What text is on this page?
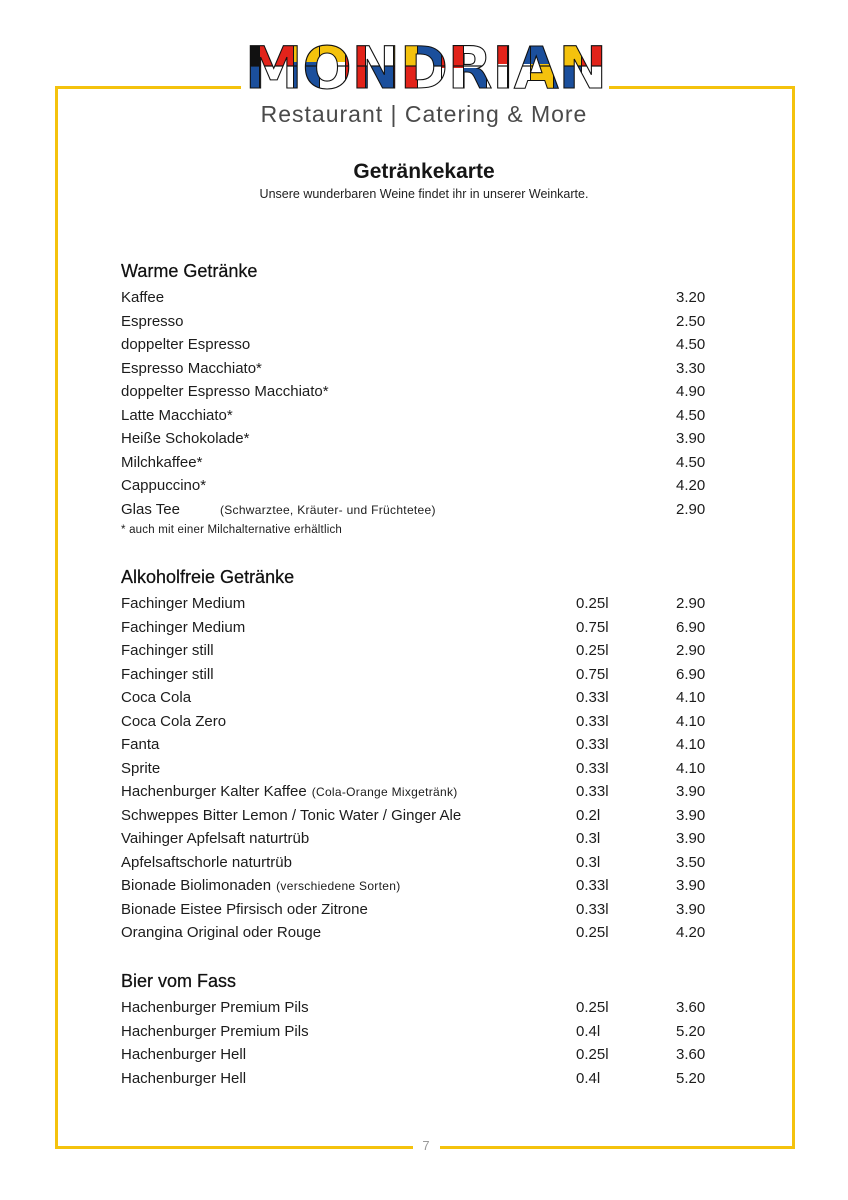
MONDRIAN
Restaurant | Catering & More
Getränkekarte
Unsere wunderbaren Weine findet ihr in unserer Weinkarte.
Warme Getränke
Kaffee	3.20
Espresso	2.50
doppelter Espresso	4.50
Espresso Macchiato*	3.30
doppelter Espresso Macchiato*	4.90
Latte Macchiato*	4.50
Heiße Schokolade*	3.90
Milchkaffee*	4.50
Cappuccino*	4.20
Glas Tee	(Schwarztee, Kräuter- und Früchtetee)	2.90
* auch mit einer Milchalternative erhältlich
Alkoholfreie Getränke
Fachinger Medium	0.25l	2.90
Fachinger Medium	0.75l	6.90
Fachinger still	0.25l	2.90
Fachinger still	0.75l	6.90
Coca Cola	0.33l	4.10
Coca Cola Zero	0.33l	4.10
Fanta	0.33l	4.10
Sprite	0.33l	4.10
Hachenburger Kalter Kaffee (Cola-Orange Mixgetränk)	0.33l	3.90
Schweppes Bitter Lemon / Tonic Water / Ginger Ale	0.2l	3.90
Vaihinger Apfelsaft naturtrüb	0.3l	3.90
Apfelsaftschorle naturtrüb	0.3l	3.50
Bionade Biolimonaden (verschiedene Sorten)	0.33l	3.90
Bionade Eistee Pfirsisch oder Zitrone	0.33l	3.90
Orangina Original oder Rouge	0.25l	4.20
Bier vom Fass
Hachenburger Premium Pils	0.25l	3.60
Hachenburger Premium Pils	0.4l	5.20
Hachenburger Hell	0.25l	3.60
Hachenburger Hell	0.4l	5.20
7
